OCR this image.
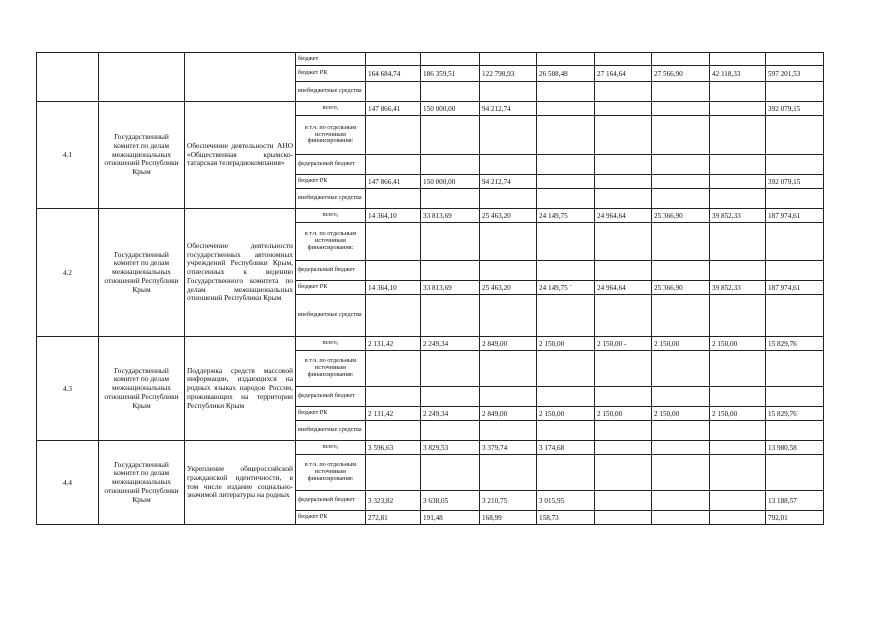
			бюджет								
			бюджет РК	164 684,74	186 359,51	122 798,93	26 508,48	27 164,64	27 566,90	42 118,33	597 201,53
			внебюджетные средства								
4.1	Государственный комитет по делам межнациональных отношений Республики Крым	Обеспечение деятельности АНО «Общественная крымско-татарская телерадиокомпания»	всего,	147 866,41	150 000,00	94 212,74					392 079,15
			в т.ч. по отдельным источникам финансирования:								
			федеральный бюджет								
			бюджет РК	147 866,41	150 000,00	94 212,74					392 079,15
			внебюджетные средства								
4.2	Государственный комитет по делам межнациональных отношений Республики Крым	Обеспечение деятельности государственных автономных учреждений Республики Крым, отнесенных к ведению Государственного комитета по делам межнациональных отношений Республики Крым	всего,	14 364,10	33 813,69	25 463,20	24 149,75	24 964,64	25 366,90	39 852,33	187 974,61
			в т.ч. по отдельным источникам финансирования:								
			федеральный бюджет								
			бюджет РК	14 364,10	33 813,69	25 463,20	24 149,75 `	24 964,64	25 366,90	39 852,33	187 974,61
			внебюджетные средства								
4.3	Государственный комитет по делам межнациональных отношений Республики Крым	Поддержка средств массовой информации, издающихся на родных языках народов России, проживающих на территории Республики Крым	всего,	2 131,42	2 249,34	2 849,00	2 150,00	2 150,00 -	2 150,00	2 150,00	15 829,76
			в т.ч. по отдельным источникам финансирования:								
			федеральный бюджет								
			бюджет РК	2 131,42	2 249,34	2 849,00	2 150,00	2 150,00	2 150,00	2 150,00	15 829,76
			внебюджетные средства								
4.4	Государственный комитет по делам межнациональных отношений Республики Крым	Укрепление общероссийской гражданской идентичности, в том числе издание социально-значимой литературы на родных	всего,	3 596,63	3 829,53	3 379,74	3 174,68				13 980,58
			в т.ч. по отдельным источникам финансирования:								
			федеральный бюджет	3 323,82	3 638,05	3 210,75	3 015,95				13 188,57
			бюджет РК	272,81	191,48	168,99	158,73				792,01
